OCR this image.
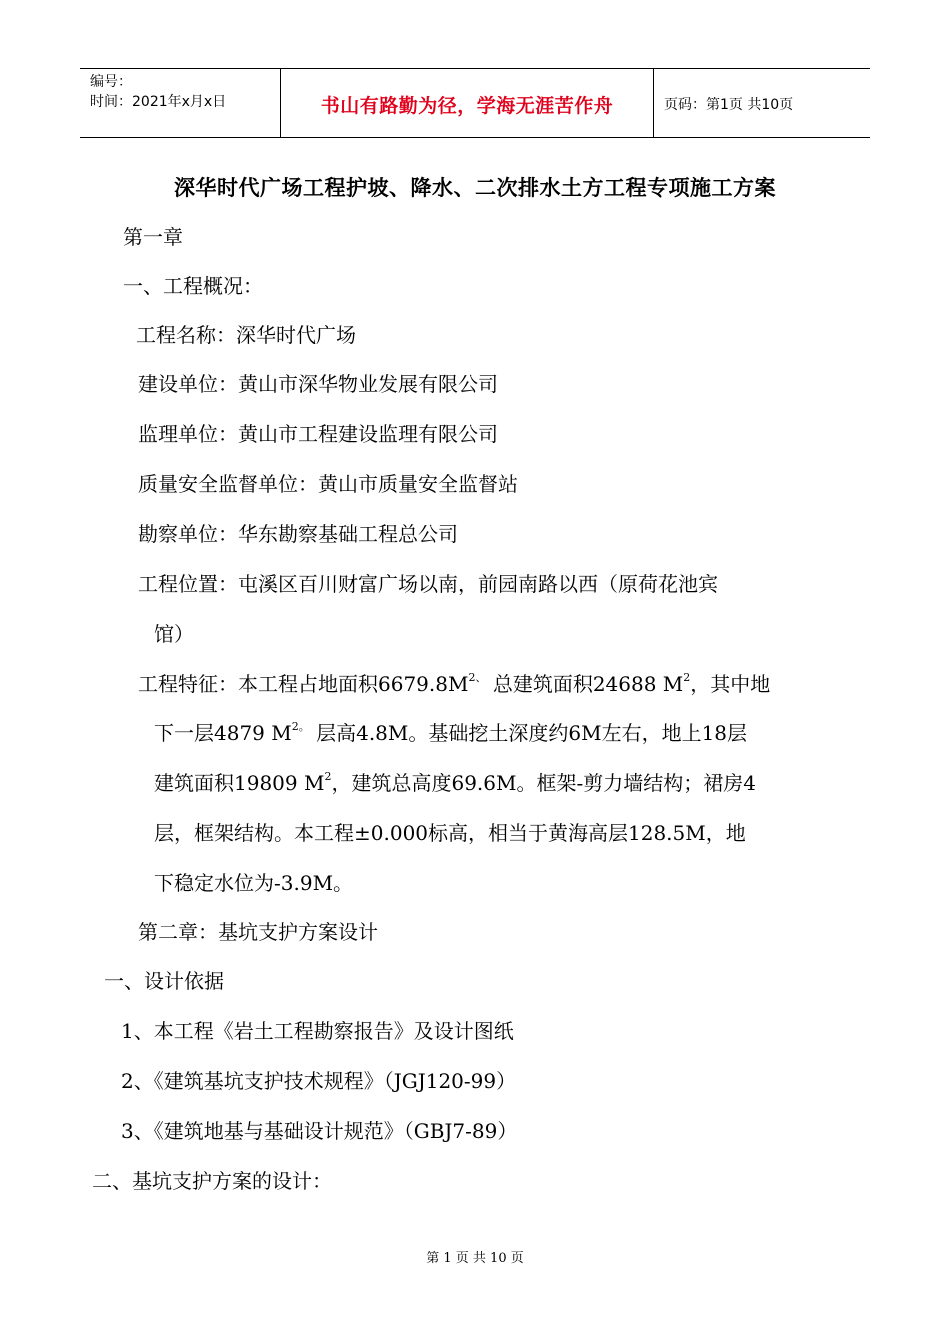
编号：
时间：2021年x月x日	书山有路勤为径，学海无涯苦作舟	页码：第1页 共10页
深华时代广场工程护坡、降水、二次排水土方工程专项施工方案
第一章
一、工程概况：
工程名称：深华时代广场
建设单位：黄山市深华物业发展有限公司
监理单位：黄山市工程建设监理有限公司
质量安全监督单位：黄山市质量安全监督站
勘察单位：华东勘察基础工程总公司
工程位置：屯溪区百川财富广场以南，前园南路以西（原荷花池宾
馆）
工程特征：本工程占地面积$6679.8M^{2、}$ 总建筑面积24688 $M^2$，其中地
下一层4879 $M^{2。}$ 层高4.8M。基础挖土深度约6M左右，地上18层
建筑面积19809 $M^2$，建筑总高度69.6M。框架-剪力墙结构；裙房4
层，框架结构。本工程±0.000标高，相当于黄海高层128.5M，地
下稳定水位为-3.9M。
第二章：基坑支护方案设计
一、设计依据
1、本工程《岩土工程勘察报告》及设计图纸
2、《建筑基坑支护技术规程》（JGJ120-99）
3、《建筑地基与基础设计规范》（GBJ7-89）
二、基坑支护方案的设计：
第 1 页 共 10 页
